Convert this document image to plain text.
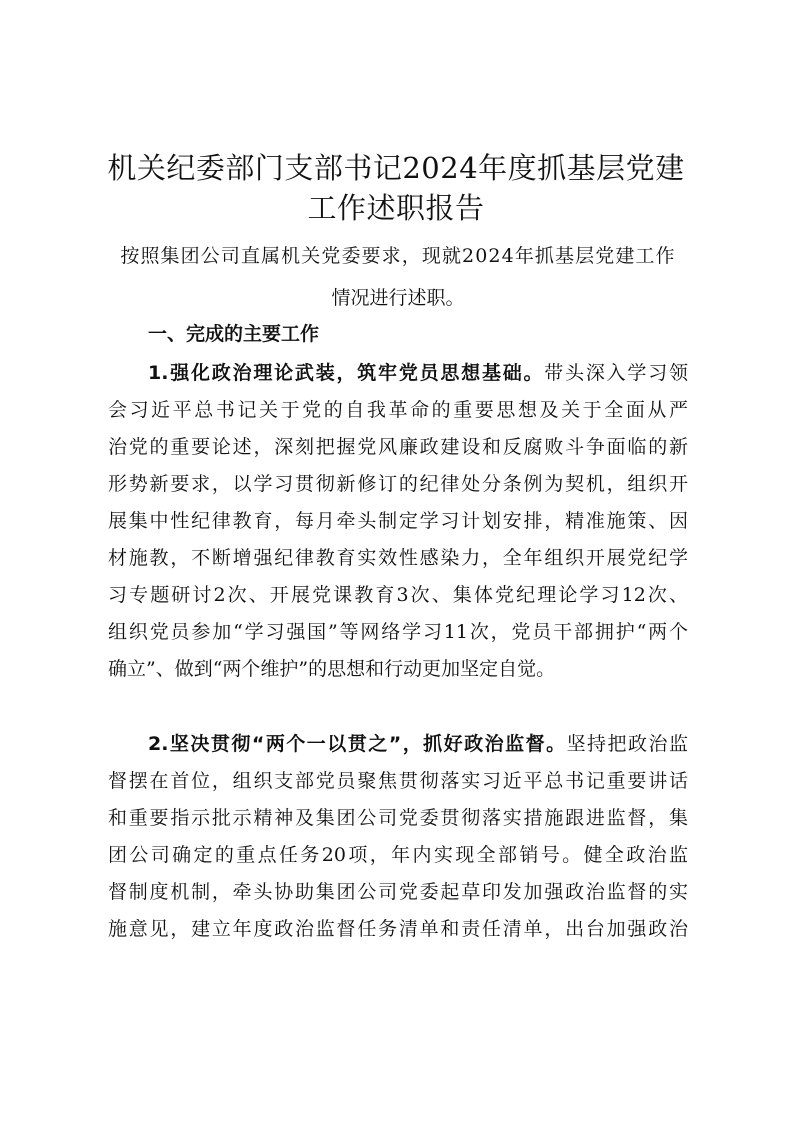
机关纪委部门支部书记2024年度抓基层党建
工作述职报告

按照集团公司直属机关党委要求，现就2024年抓基层党建工作

情况进行述职。

一、完成的主要工作
1.强化政治理论武装，筑牢党员思想基础。带头深入学习领
会习近平总书记关于党的自我革命的重要思想及关于全面从严
治党的重要论述，深刻把握党风廉政建设和反腐败斗争面临的新
形势新要求，以学习贯彻新修订的纪律处分条例为契机，组织开
展集中性纪律教育，每月牵头制定学习计划安排，精准施策、因
材施教，不断增强纪律教育实效性感染力，全年组织开展党纪学
习专题研讨2次、开展党课教育3次、集体党纪理论学习12次、
组织党员参加“学习强国”等网络学习11次，党员干部拥护“两个
确立”、做到“两个维护”的思想和行动更加坚定自觉。
2.坚决贯彻“两个一以贯之”，抓好政治监督。坚持把政治监
督摆在首位，组织支部党员聚焦贯彻落实习近平总书记重要讲话
和重要指示批示精神及集团公司党委贯彻落实措施跟进监督，集
团公司确定的重点任务20项，年内实现全部销号。健全政治监
督制度机制，牵头协助集团公司党委起草印发加强政治监督的实
施意见，建立年度政治监督任务清单和责任清单，出台加强政治
